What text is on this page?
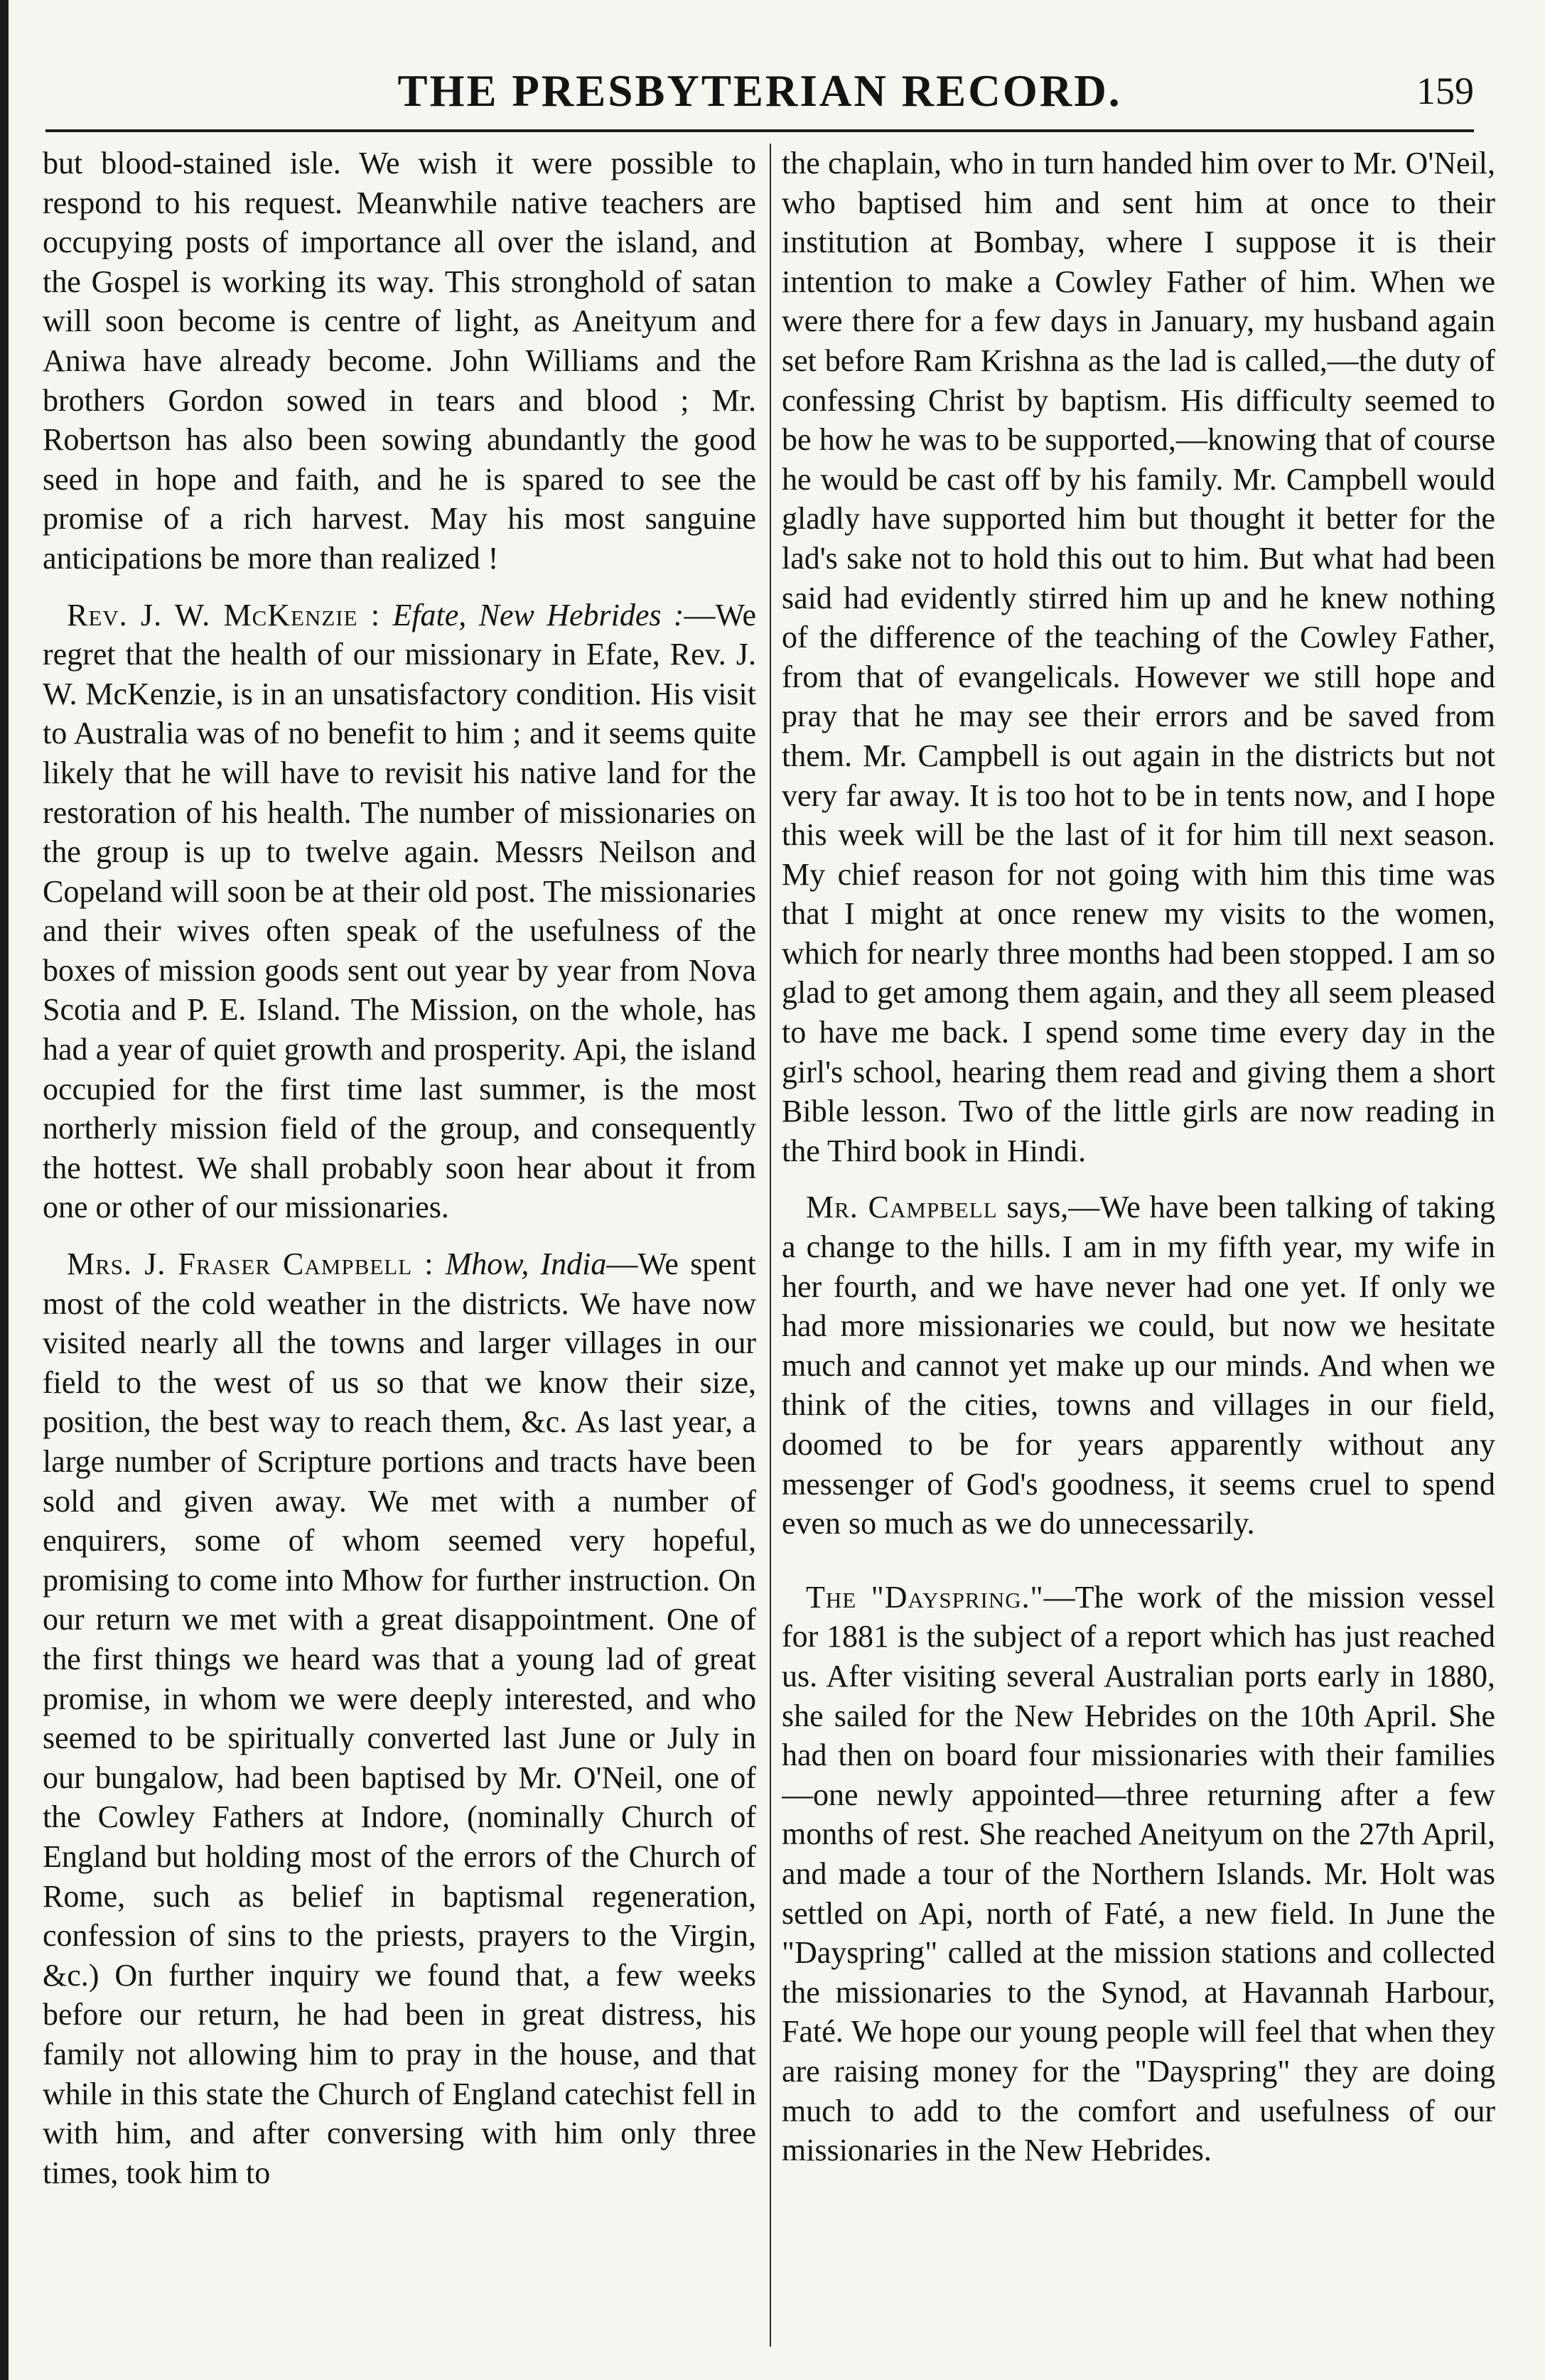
THE PRESBYTERIAN RECORD.	159

but blood-stained isle. We wish it were possible to respond to his request. Meanwhile native teachers are occupying posts of importance all over the island, and the Gospel is working its way. This stronghold of satan will soon become is centre of light, as Aneityum and Aniwa have already become. John Williams and the brothers Gordon sowed in tears and blood ; Mr. Robertson has also been sowing abundantly the good seed in hope and faith, and he is spared to see the promise of a rich harvest. May his most sanguine anticipations be more than realized !

Rev. J. W. McKenzie : Efate, New Hebrides :—We regret that the health of our missionary in Efate, Rev. J. W. McKenzie, is in an unsatisfactory condition. His visit to Australia was of no benefit to him ; and it seems quite likely that he will have to revisit his native land for the restoration of his health. The number of missionaries on the group is up to twelve again. Messrs Neilson and Copeland will soon be at their old post. The missionaries and their wives often speak of the usefulness of the boxes of mission goods sent out year by year from Nova Scotia and P. E. Island. The Mission, on the whole, has had a year of quiet growth and prosperity. Api, the island occupied for the first time last summer, is the most northerly mission field of the group, and consequently the hottest. We shall probably soon hear about it from one or other of our missionaries.

Mrs. J. Fraser Campbell : Mhow, India—We spent most of the cold weather in the districts. We have now visited nearly all the towns and larger villages in our field to the west of us so that we know their size, position, the best way to reach them, &c. As last year, a large number of Scripture portions and tracts have been sold and given away. We met with a number of enquirers, some of whom seemed very hopeful, promising to come into Mhow for further instruction. On our return we met with a great disappointment. One of the first things we heard was that a young lad of great promise, in whom we were deeply interested, and who seemed to be spiritually converted last June or July in our bungalow, had been baptised by Mr. O'Neil, one of the Cowley Fathers at Indore, (nominally Church of England but holding most of the errors of the Church of Rome, such as belief in baptismal regeneration, confession of sins to the priests, prayers to the Virgin, &c.) On further inquiry we found that, a few weeks before our return, he had been in great distress, his family not allowing him to pray in the house, and that while in this state the Church of England catechist fell in with him, and after conversing with him only three times, took him to

the chaplain, who in turn handed him over to Mr. O'Neil, who baptised him and sent him at once to their institution at Bombay, where I suppose it is their intention to make a Cowley Father of him. When we were there for a few days in January, my husband again set before Ram Krishna as the lad is called,—the duty of confessing Christ by baptism. His difficulty seemed to be how he was to be supported,—knowing that of course he would be cast off by his family. Mr. Campbell would gladly have supported him but thought it better for the lad's sake not to hold this out to him. But what had been said had evidently stirred him up and he knew nothing of the difference of the teaching of the Cowley Father, from that of evangelicals. However we still hope and pray that he may see their errors and be saved from them. Mr. Campbell is out again in the districts but not very far away. It is too hot to be in tents now, and I hope this week will be the last of it for him till next season. My chief reason for not going with him this time was that I might at once renew my visits to the women, which for nearly three months had been stopped. I am so glad to get among them again, and they all seem pleased to have me back. I spend some time every day in the girl's school, hearing them read and giving them a short Bible lesson. Two of the little girls are now reading in the Third book in Hindi.

Mr. Campbell says,—We have been talking of taking a change to the hills. I am in my fifth year, my wife in her fourth, and we have never had one yet. If only we had more missionaries we could, but now we hesitate much and cannot yet make up our minds. And when we think of the cities, towns and villages in our field, doomed to be for years apparently without any messenger of God's goodness, it seems cruel to spend even so much as we do unnecessarily.

The "Dayspring."—The work of the mission vessel for 1881 is the subject of a report which has just reached us. After visiting several Australian ports early in 1880, she sailed for the New Hebrides on the 10th April. She had then on board four missionaries with their families—one newly appointed—three returning after a few months of rest. She reached Aneityum on the 27th April, and made a tour of the Northern Islands. Mr. Holt was settled on Api, north of Faté, a new field. In June the "Dayspring" called at the mission stations and collected the missionaries to the Synod, at Havannah Harbour, Faté. We hope our young people will feel that when they are raising money for the "Dayspring" they are doing much to add to the comfort and usefulness of our missionaries in the New Hebrides.
